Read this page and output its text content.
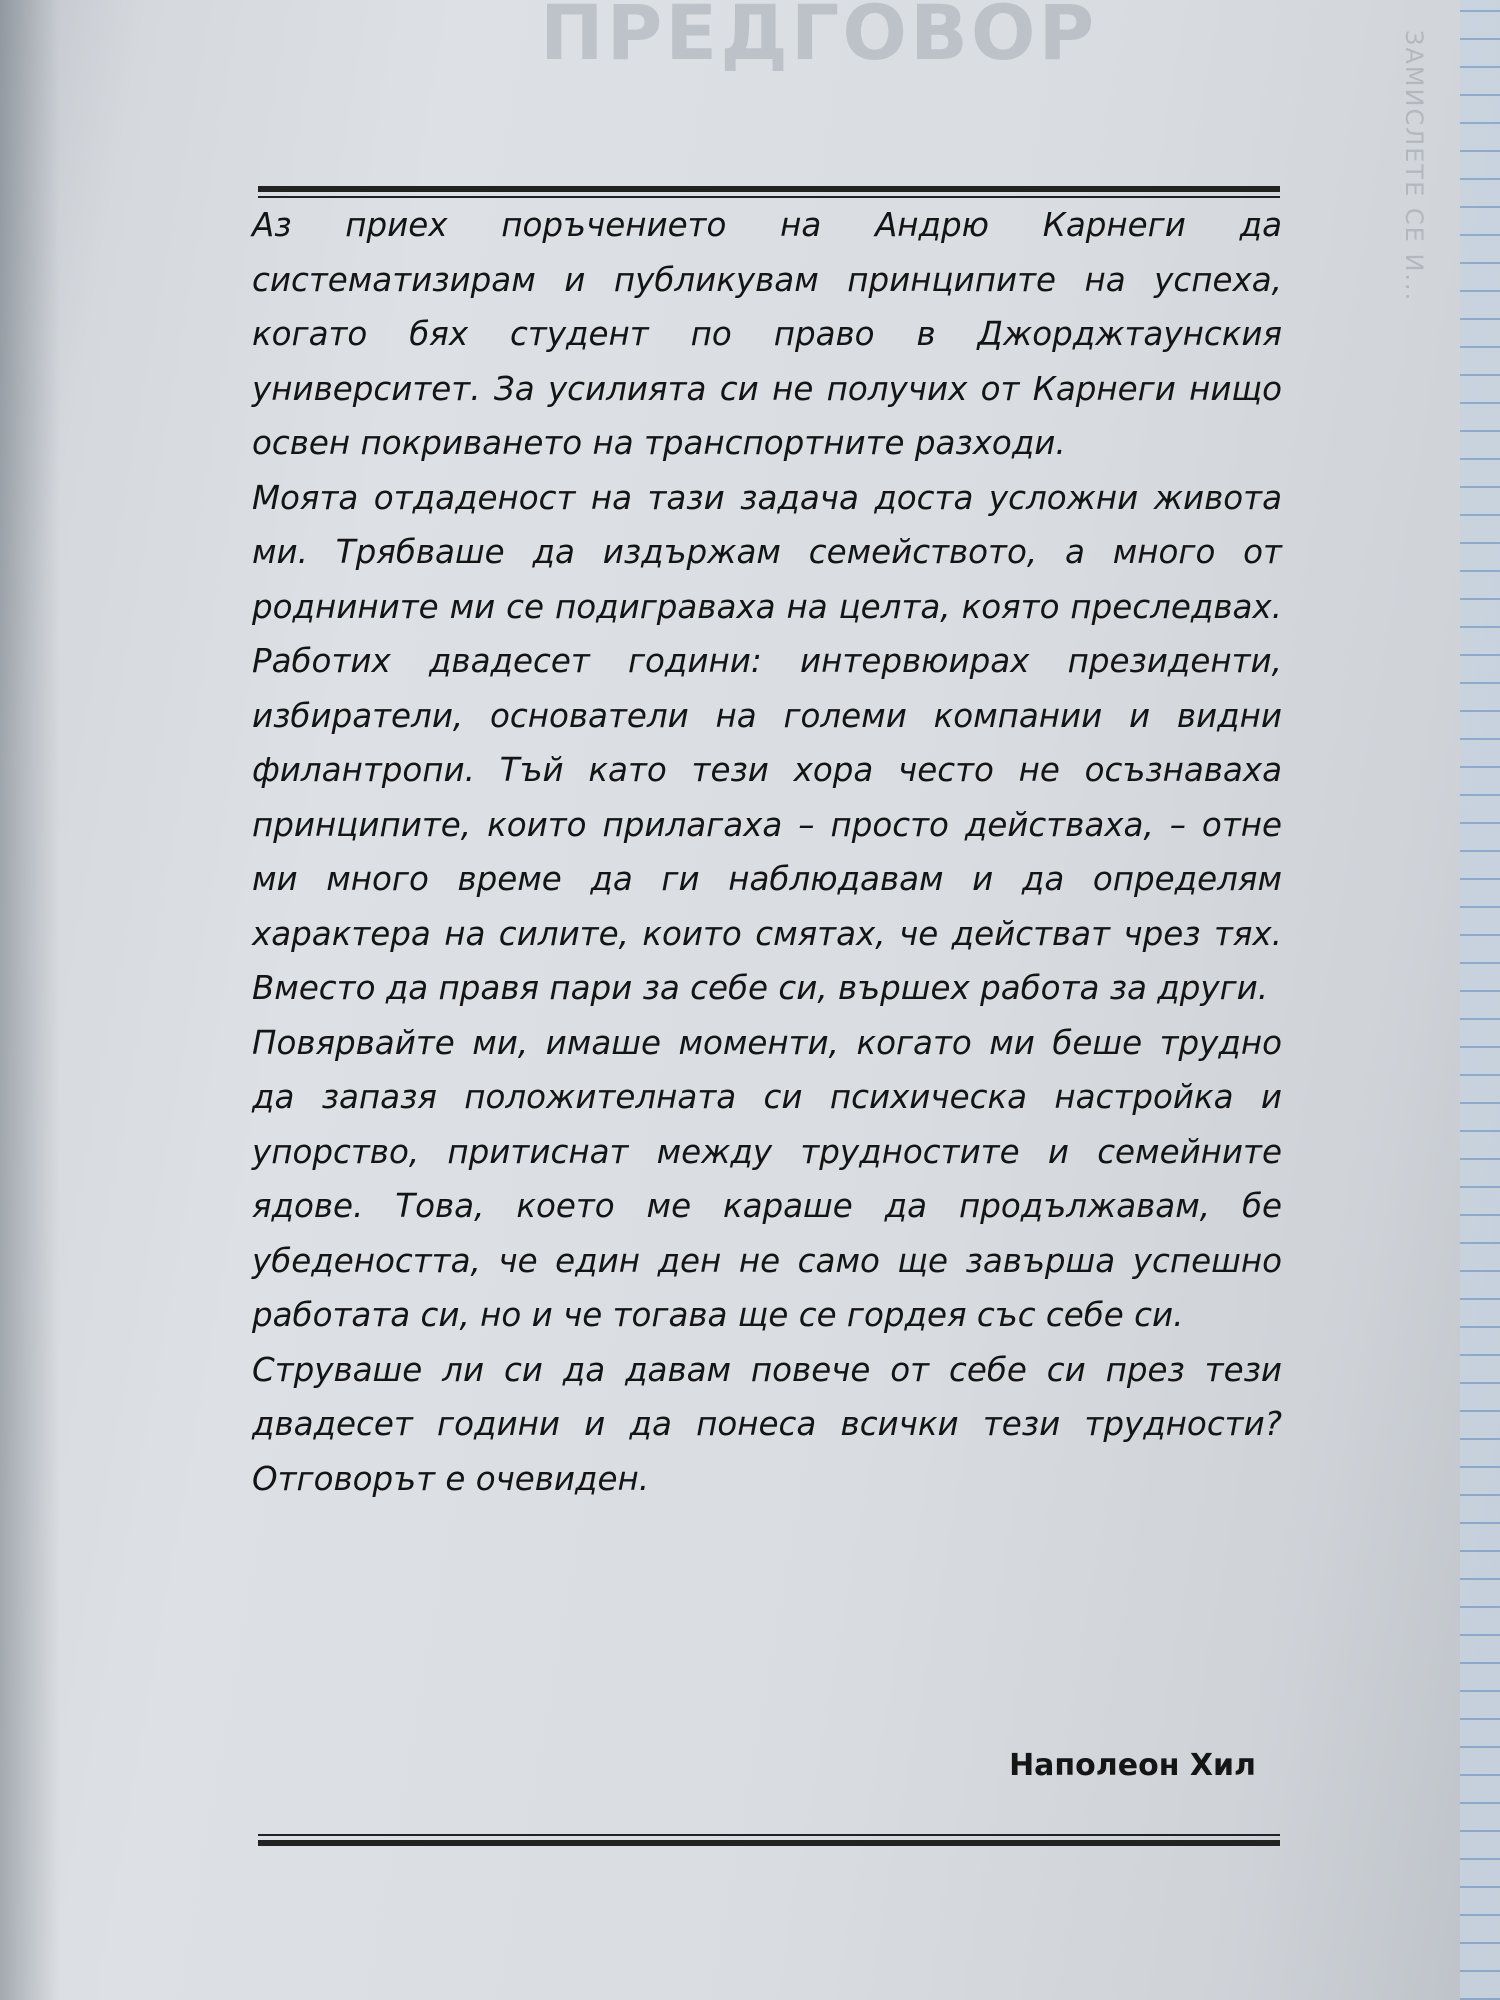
ПРЕДГОВОР	ЗАМИСЛЕТЕ СЕ И...

Аз приех поръчението на Андрю Карнеги да систематизирам и публикувам принципите на успеха, когато бях студент по право в Джорджтаунския университет. За усилията си не получих от Карнеги нищо освен покриването на транспортните разходи.

Моята отдаденост на тази задача доста усложни живота ми. Трябваше да издържам семейството, а много от роднините ми се подиграваха на целта, която преследвах. Работих двадесет години: интервюирах президенти, избиратели, основатели на големи компании и видни филантропи. Тъй като тези хора често не осъзнаваха принципите, които прилагаха – просто действаха, – отне ми много време да ги наблюдавам и да определям характера на силите, които смятах, че действат чрез тях. Вместо да правя пари за себе си, вършех работа за други.

Повярвайте ми, имаше моменти, когато ми беше трудно да запазя положителната си психическа настройка и упорство, притиснат между трудностите и семейните ядове. Това, което ме караше да продължавам, бе убедеността, че един ден не само ще завърша успешно работата си, но и че тогава ще се гордея със себе си.

Струваше ли си да давам повече от себе си през тези двадесет години и да понеса всички тези трудности? Отговорът е очевиден.

Наполеон Хил
